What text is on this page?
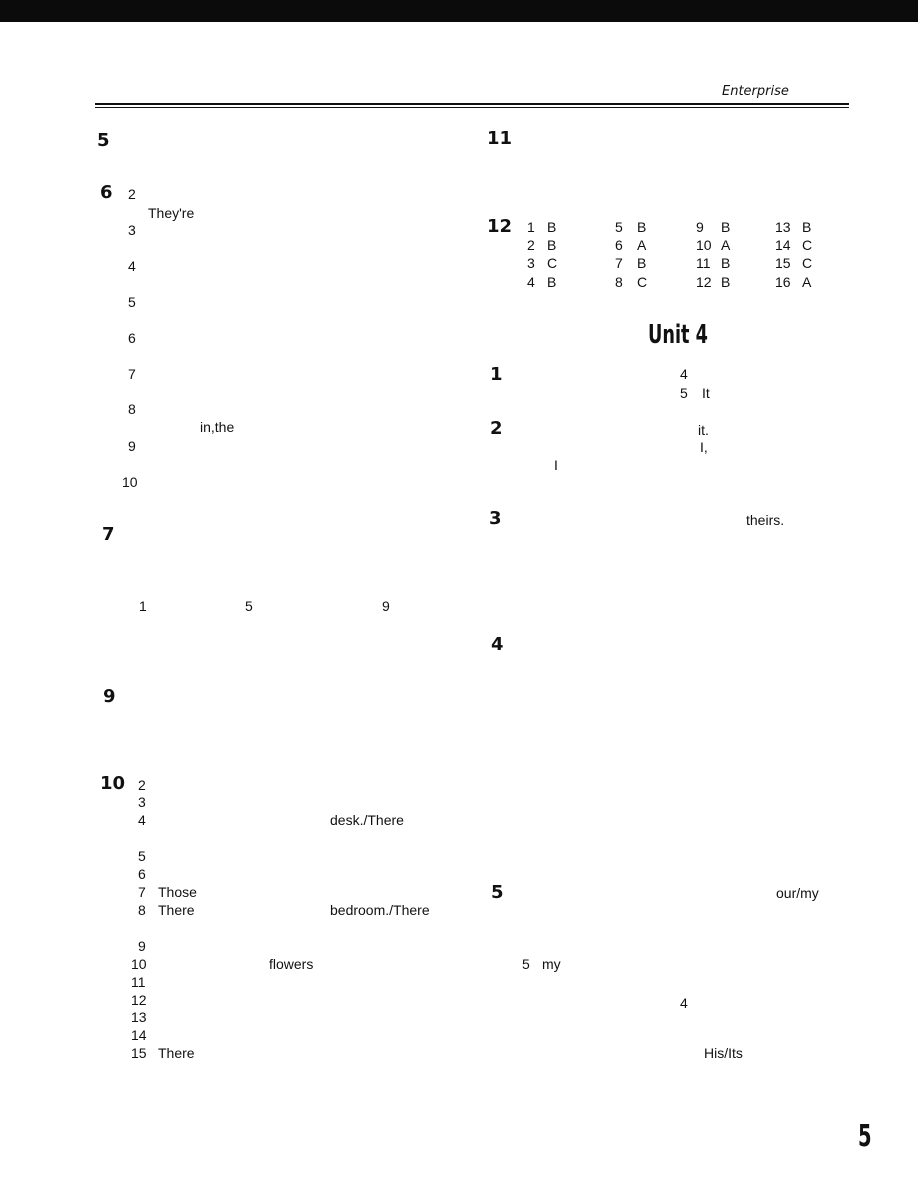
Enterprise
5
6 2
They're
3
4
5
6
7
8
in,the
9
10
7
1	5	9
9
10 2
3
4	desk./There
5
6
7 Those
8 There	bedroom./There
9
10	flowers
11
12
13
14
15 There
11
12 1 B	5 B	9 B	13 B
2 B	6 A	10 A	14 C
3 C	7 B	11 B	15 C
4 B	8 C	12 B	16 A
Unit 4
1	4
5 It
2	it.
I,
I
3	theirs.
4
5	our/my
5 my
4
His/Its
5
